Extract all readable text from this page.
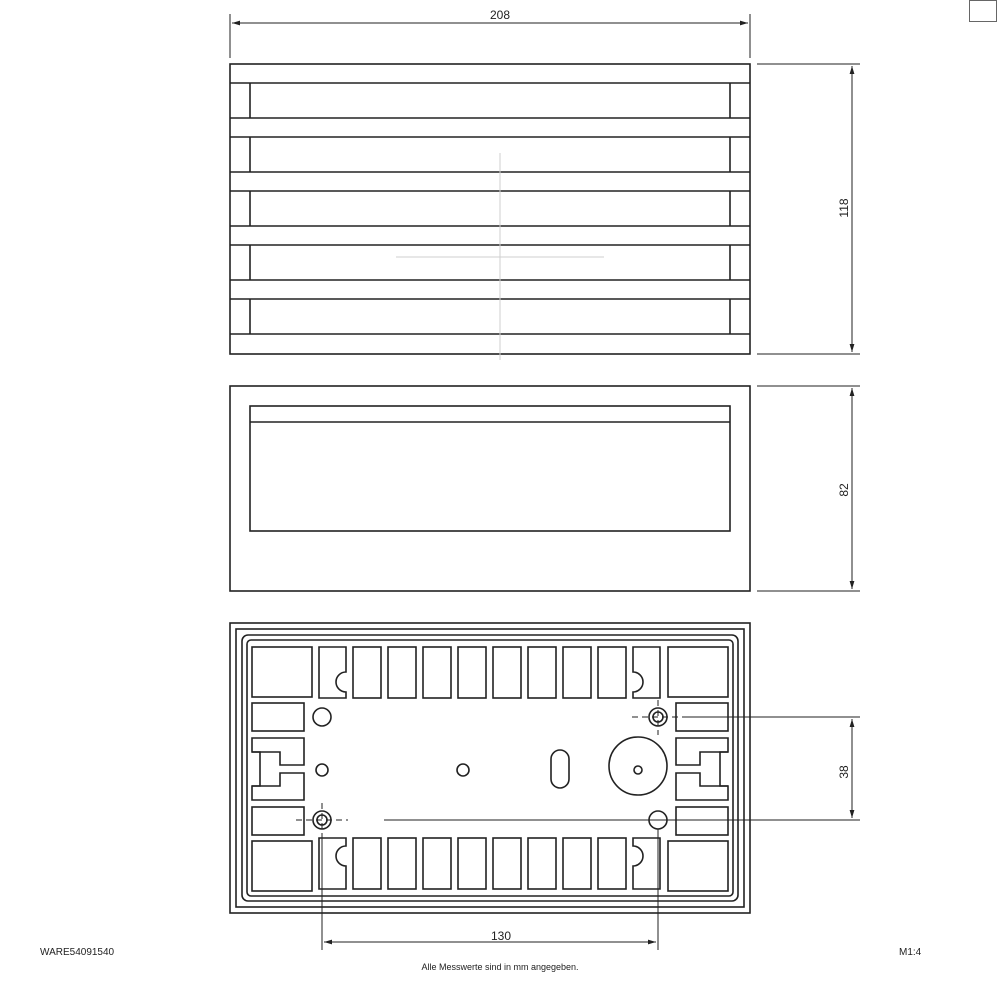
208
118
82
38
130
WARE54091540	M1:4
Alle Messwerte sind in mm angegeben.
